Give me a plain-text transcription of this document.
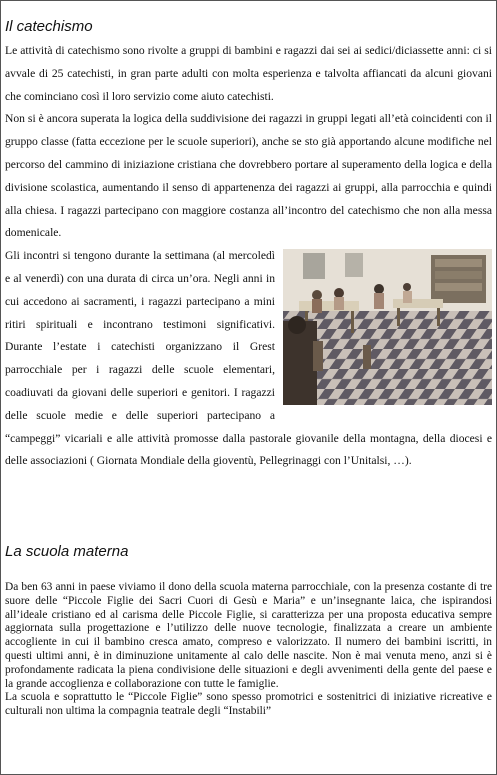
Il catechismo

Le attività di catechismo sono rivolte a gruppi di bambini e ragazzi dai sei ai sedici/diciassette anni: ci si avvale di 25 catechisti, in gran parte adulti con molta esperienza e talvolta affiancati da alcuni giovani che cominciano così il loro servizio come aiuto catechisti.

Non si è ancora superata la logica della suddivisione dei ragazzi in gruppi legati all’età coincidenti con il gruppo classe (fatta eccezione per le scuole superiori), anche se sto già apportando alcune modifiche nel percorso del cammino di iniziazione cristiana che dovrebbero portare al superamento della logica e della divisione scolastica, aumentando il senso di appartenenza dei ragazzi ai gruppi, alla parrocchia e quindi alla chiesa. I ragazzi partecipano con maggiore costanza all’incontro del catechismo che non alla messa domenicale.

Gli incontri si tengono durante la settimana (al mercoledì e al venerdì) con una durata di circa un’ora. Negli anni in cui accedono ai sacramenti, i ragazzi partecipano a mini ritiri spirituali e incontrano testimoni significativi. Durante l’estate i catechisti organizzano il Grest parrocchiale per i ragazzi delle scuole elementari, coadiuvati da giovani delle superiori e genitori. I ragazzi delle scuole medie e delle superiori partecipano a “campeggi” vicariali e alle attività promosse dalla pastorale giovanile della montagna, della diocesi e delle associazioni ( Giornata Mondiale della gioventù, Pellegrinaggi con l’Unitalsi, …).

La scuola materna

Da ben 63 anni in paese viviamo il dono della scuola materna parrocchiale, con la presenza costante di tre suore delle “Piccole Figlie dei Sacri Cuori di Gesù e Maria” e un’insegnante laica, che ispirandosi all’ideale cristiano ed al carisma delle Piccole Figlie, si caratterizza per una proposta educativa sempre aggiornata sulla progettazione e l’utilizzo delle nuove tecnologie, finalizzata a creare un ambiente accogliente in cui il bambino cresca amato, compreso e valorizzato. Il numero dei bambini iscritti, in questi ultimi anni, è in diminuzione unitamente al calo delle nascite. Non è mai venuta meno, anzi si è profondamente radicata la piena condivisione delle situazioni e degli avvenimenti della gente del paese e la grande accoglienza e collaborazione con tutte le famiglie.

La scuola e soprattutto le “Piccole Figlie” sono spesso promotrici e sostenitrici di iniziative ricreative e culturali non ultima la compagnia teatrale degli “Instabili”
